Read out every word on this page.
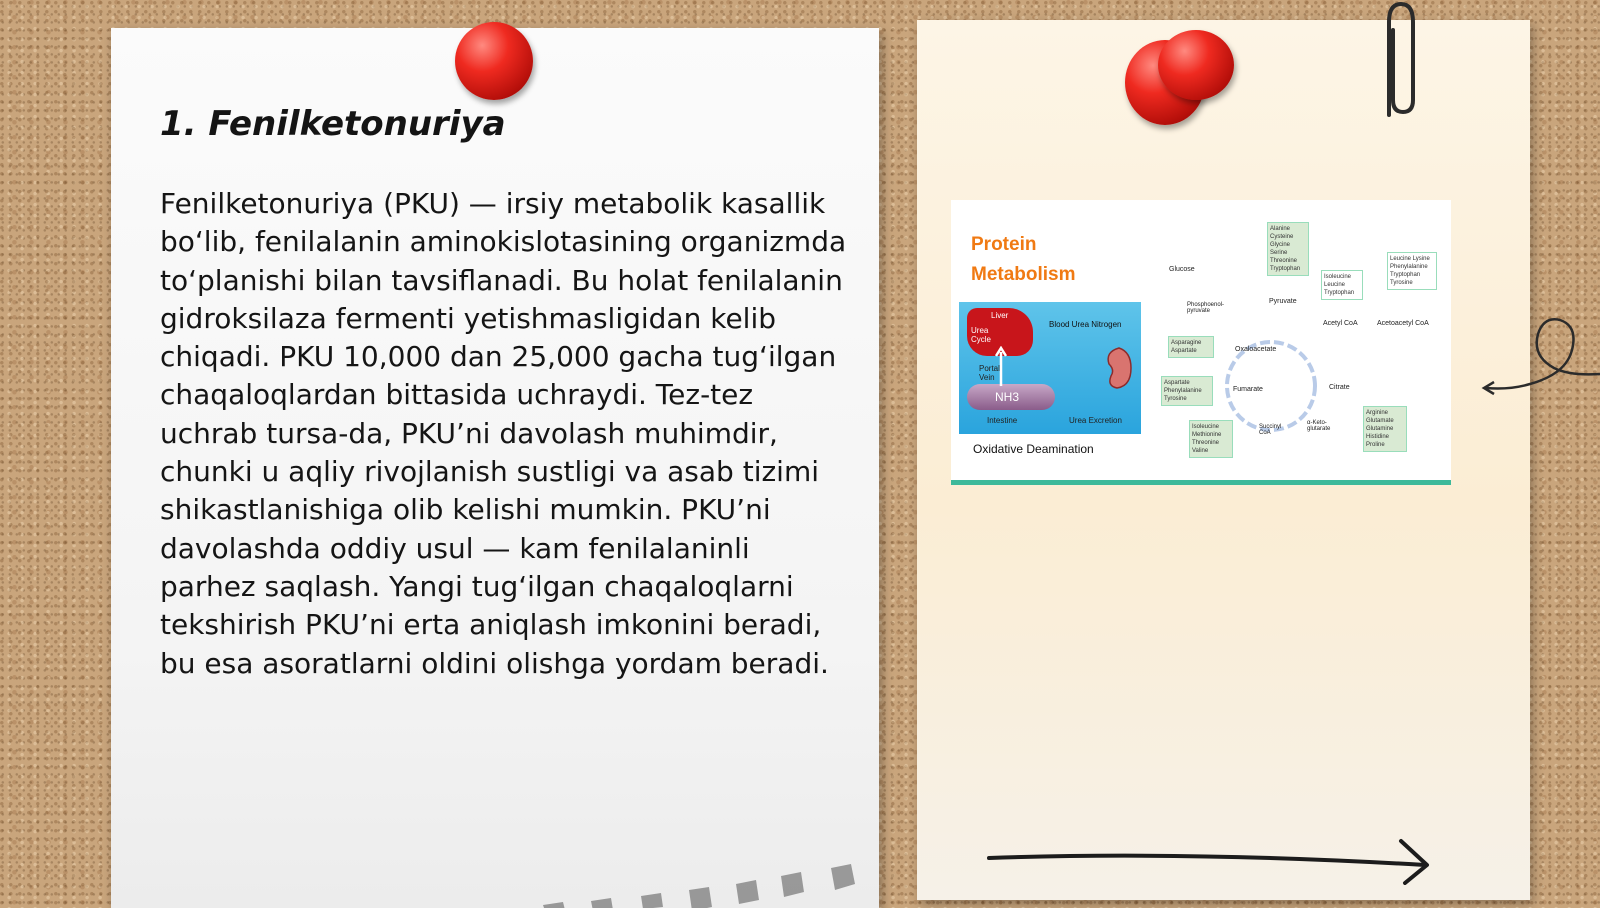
1. Fenilketonuriya

Fenilketonuriya (PKU) — irsiy metabolik kasallik bo‘lib, fenilalanin aminokislotasining organizmda to‘planishi bilan tavsiflanadi. Bu holat fenilalanin gidroksilaza fermenti yetishmasligidan kelib chiqadi. PKU 10,000 dan 25,000 gacha tug‘ilgan chaqaloqlardan bittasida uchraydi. Tez-tez uchrab tursa-da, PKU’ni davolash muhimdir, chunki u aqliy rivojlanish sustligi va asab tizimi shikastlanishiga olib kelishi mumkin. PKU’ni davolashda oddiy usul — kam fenilalaninli parhez saqlash. Yangi tug‘ilgan chaqaloqlarni tekshirish PKU’ni erta aniqlash imkonini beradi, bu esa asoratlarni oldini olishga yordam beradi.

Protein Metabolism

Liver
Urea Cycle
Blood Urea Nitrogen
Portal Vein
NH3
Intestine	Urea Excretion
Oxidative Deamination
Glucose
Phosphoenol-pyruvate
Pyruvate
Acetyl CoA	Acetoacetyl CoA
Oxaloacetate
Citrate
Fumarate
Succinyl CoA
α-Keto-glutarate
Alanine Cysteine Glycine Serine Threonine Tryptophan
Isoleucine Leucine Tryptophan
Leucine Lysine Phenylalanine Tryptophan Tyrosine
Asparagine Aspartate
Aspartate Phenylalanine Tyrosine
Isoleucine Methionine Threonine Valine
Arginine Glutamate Glutamine Histidine Proline
